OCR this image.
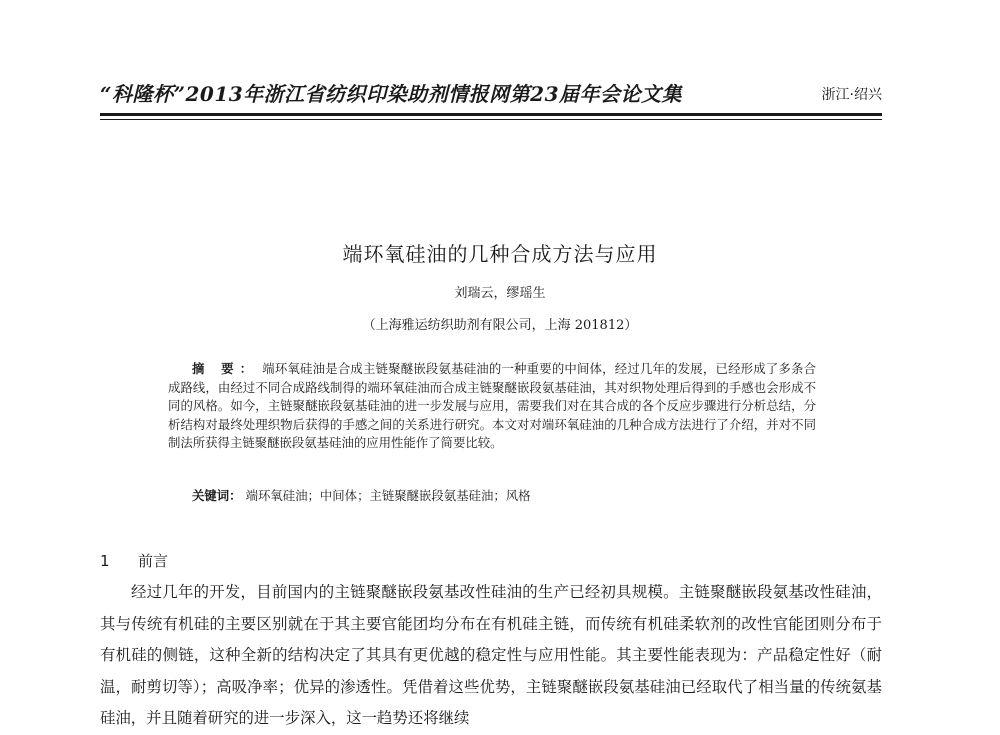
“科隆杯”2013年浙江省纺织印染助剂情报网第23届年会论文集	浙江·绍兴
端环氧硅油的几种合成方法与应用
刘瑞云，缪瑶生
（上海雅运纺织助剂有限公司，上海 201812）
摘 要： 端环氧硅油是合成主链聚醚嵌段氨基硅油的一种重要的中间体，经过几年的发展，已经形成了多条合成路线，由经过不同合成路线制得的端环氧硅油而合成主链聚醚嵌段氨基硅油，其对织物处理后得到的手感也会形成不同的风格。如今，主链聚醚嵌段氨基硅油的进一步发展与应用，需要我们对在其合成的各个反应步骤进行分析总结，分析结构对最终处理织物后获得的手感之间的关系进行研究。本文对对端环氧硅油的几种合成方法进行了介绍，并对不同制法所获得主链聚醚嵌段氨基硅油的应用性能作了简要比较。
关键词： 端环氧硅油；中间体；主链聚醚嵌段氨基硅油；风格
1 前言
经过几年的开发，目前国内的主链聚醚嵌段氨基改性硅油的生产已经初具规模。主链聚醚嵌段氨基改性硅油，其与传统有机硅的主要区别就在于其主要官能团均分布在有机硅主链，而传统有机硅柔软剂的改性官能团则分布于有机硅的侧链，这种全新的结构决定了其具有更优越的稳定性与应用性能。其主要性能表现为：产品稳定性好（耐温，耐剪切等）；高吸净率；优异的渗透性。凭借着这些优势，主链聚醚嵌段氨基硅油已经取代了相当量的传统氨基硅油，并且随着研究的进一步深入，这一趋势还将继续
